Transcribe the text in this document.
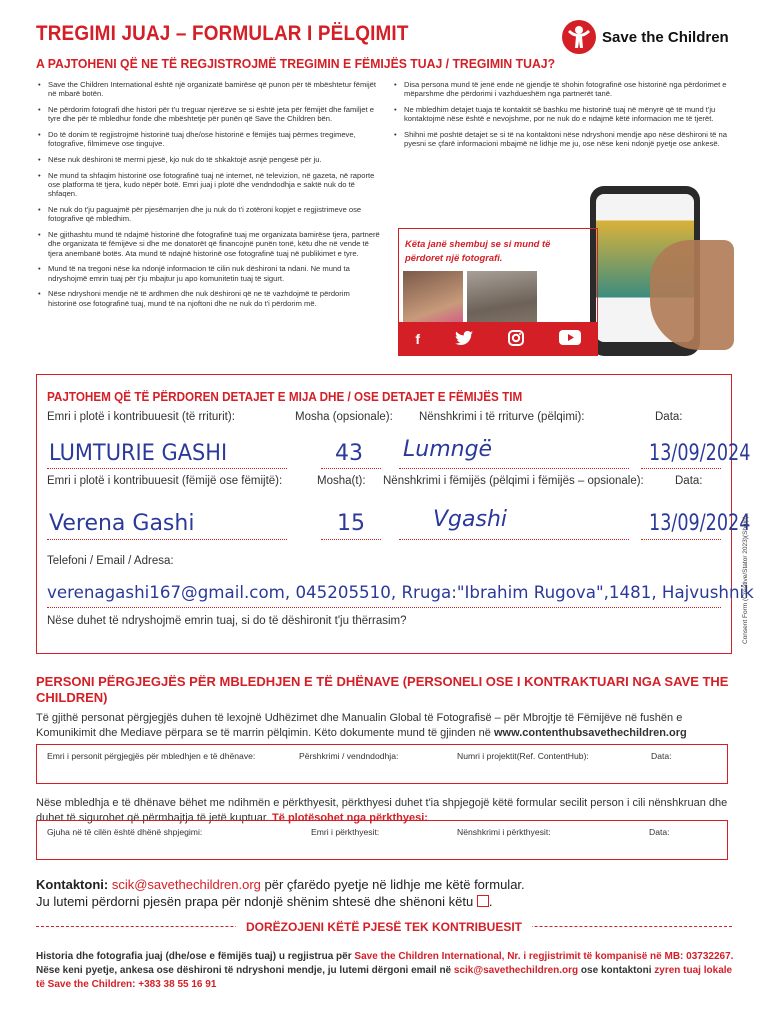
TREGIMI JUAJ – FORMULAR I PËLQIMIT
A PAJTOHENI QË NE TË REGJISTROJMË TREGIMIN E FËMIJËS TUAJ / TREGIMIN TUAJ?
Save the Children
• Save the Children International është një organizatë bamirëse që punon për të mbështetur fëmijët në mbarë botën.
• Ne përdorim fotografi dhe histori për t'u treguar njerëzve se si është jeta për fëmijët dhe familjet e tyre dhe për të mbledhur fonde dhe mbështetje për punën që Save the Children bën.
• Do të donim të regjistrojmë historinë tuaj dhe/ose historinë e fëmijës tuaj përmes tregimeve, fotografive, filmimeve ose tingujve.
• Nëse nuk dëshironi të merrni pjesë, kjo nuk do të shkaktojë asnjë pengesë për ju.
• Ne mund ta shfaqim historinë ose fotografinë tuaj në internet, në televizion, në gazeta, në raporte ose platforma të tjera, kudo nëpër botë. Emri juaj i plotë dhe vendndodhja e saktë nuk do të shfaqen.
• Ne nuk do t'ju paguajmë për pjesëmarrjen dhe ju nuk do t'i zotëroni kopjet e regjistrimeve ose fotografive që mbledhim.
• Ne gjithashtu mund të ndajmë historinë dhe fotografinë tuaj me organizata bamirëse tjera, partnerë dhe organizata të fëmijëve si dhe me donatorët që financojnë punën tonë, këtu dhe në vende të tjera anembanë botës. Ata mund të ndajnë historinë ose fotografinë tuaj në publikimet e tyre.
• Mund të na tregoni nëse ka ndonjë informacion të cilin nuk dëshironi ta ndani. Ne mund ta ndryshojmë emrin tuaj për t'ju mbajtur ju apo komunitetin tuaj të sigurt.
• Nëse ndryshoni mendje në të ardhmen dhe nuk dëshironi që ne të vazhdojmë të përdorim historinë ose fotografinë tuaj, mund të na njoftoni dhe ne nuk do t'i përdorim më.
• Disa persona mund të jenë ende në gjendje të shohin fotografinë ose historinë nga përdorimet e mëparshme dhe përdorimi i vazhdueshëm nga partnerët tanë.
• Ne mbledhim detajet tuaja të kontaktit së bashku me historinë tuaj në mënyrë që të mund t'ju kontaktojmë nëse është e nevojshme, por ne nuk do e ndajmë këtë informacion me të tjerët.
• Shihni më poshtë detajet se si të na kontaktoni nëse ndryshoni mendje apo nëse dëshironi të na pyesni se çfarë informacioni mbajmë në lidhje me ju, ose nëse keni ndonjë pyetje ose ankesë.
Këta janë shembuj se si mund të
përdoret një fotografi.
f
PAJTOHEM QË TË PËRDOREN DETAJET E MIJA DHE / OSE DETAJET E FËMIJËS TIM
Emri i plotë i kontribuuesit (të rriturit):	Mosha (opsionale): Nënshkrimi i të rriturve (pëlqimi):	Data:
LUMTURIE GASHI	43 Lumngë	13/09/2024
Emri i plotë i kontribuuesit (fëmijë ose fëmijtë):	Mosha(t): Nënshkrimi i fëmijës (pëlqimi i fëmijës – opsionale):	Data:
Verena Gashi	15	Vgashi	13/09/2024
Telefoni / Email / Adresa:
verenagashi167@gmail.com, 045205510, Rruga:"Ibrahim Rugova",1481, Hajvushnik
Nëse duhet të ndryshojmë emrin tuaj, si do të dëshironit t'ju thërrasim?	Consent Form (Creative/Stator 2023)(Shqip)
PERSONI PËRGJEGJËS PËR MBLEDHJEN E TË DHËNAVE (PERSONELI OSE I KONTRAKTUARI NGA SAVE THE CHILDREN)
Të gjithë personat përgjegjës duhen të lexojnë Udhëzimet dhe Manualin Global të Fotografisë – për Mbrojtje të Fëmijëve në fushën e Komunikimit dhe Mediave përpara se të marrin pëlqimin. Këto dokumente mund të gjinden në www.contenthubsavethechildren.org
Emri i personit përgjegjës për mbledhjen e të dhënave:	Përshkrimi / vendndodhja:	Numri i projektit(Ref. ContentHub):	Data:
Nëse mbledhja e të dhënave bëhet me ndihmën e përkthyesit, përkthyesi duhet t'ia shpjegojë këtë formular secilit person i cili nënshkruan dhe duhet të sigurohet që përmbajtja të jetë kuptuar. Të plotësohet nga përkthyesi:
Gjuha në të cilën është dhënë shpjegimi:	Emri i përkthyesit:	Nënshkrimi i përkthyesit:	Data:
Kontaktoni: scik@savethechildren.org për çfarëdo pyetje në lidhje me këtë formular.
Ju lutemi përdorni pjesën prapa për ndonjë shënim shtesë dhe shënoni këtu .
DORËZOJENI KËTË PJESË TEK KONTRIBUESIT
Historia dhe fotografia juaj (dhe/ose e fëmijës tuaj) u regjistrua për Save the Children International, Nr. i regjistrimit të kompanisë në MB: 03732267. Nëse keni pyetje, ankesa ose dëshironi të ndryshoni mendje, ju lutemi dërgoni email në scik@savethechildren.org ose kontaktoni zyren tuaj lokale të Save the Children: +383 38 55 16 91
